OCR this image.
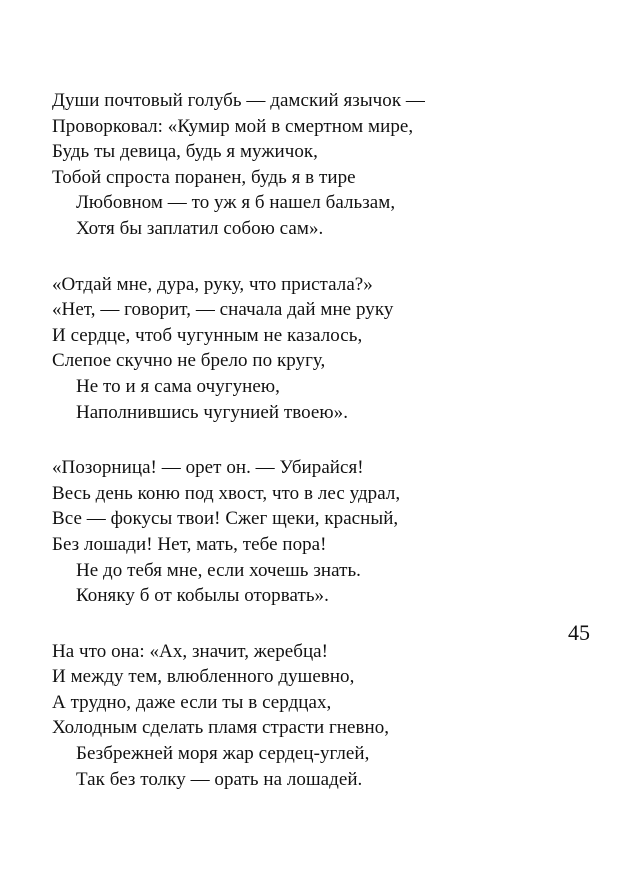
Души почтовый голубь — дамский язычок —
Проворковал: «Кумир мой в смертном мире,
Будь ты девица, будь я мужичок,
Тобой спроста поранен, будь я в тире
Любовном — то уж я б нашел бальзам,
Хотя бы заплатил собою сам».
«Отдай мне, дура, руку, что пристала?»
«Нет, — говорит, — сначала дай мне руку
И сердце, чтоб чугунным не казалось,
Слепое скучно не брело по кругу,
Не то и я сама очугунею,
Наполнившись чугунией твоею».
«Позорница! — орет он. — Убирайся!
Весь день коню под хвост, что в лес удрал,
Все — фокусы твои! Сжег щеки, красный,
Без лошади! Нет, мать, тебе пора!
Не до тебя мне, если хочешь знать.
Коняку б от кобылы оторвать».
На что она: «Ах, значит, жеребца!
И между тем, влюбленного душевно,
А трудно, даже если ты в сердцах,
Холодным сделать пламя страсти гневно,
Безбрежней моря жар сердец-углей,
Так без толку — орать на лошадей.
45
